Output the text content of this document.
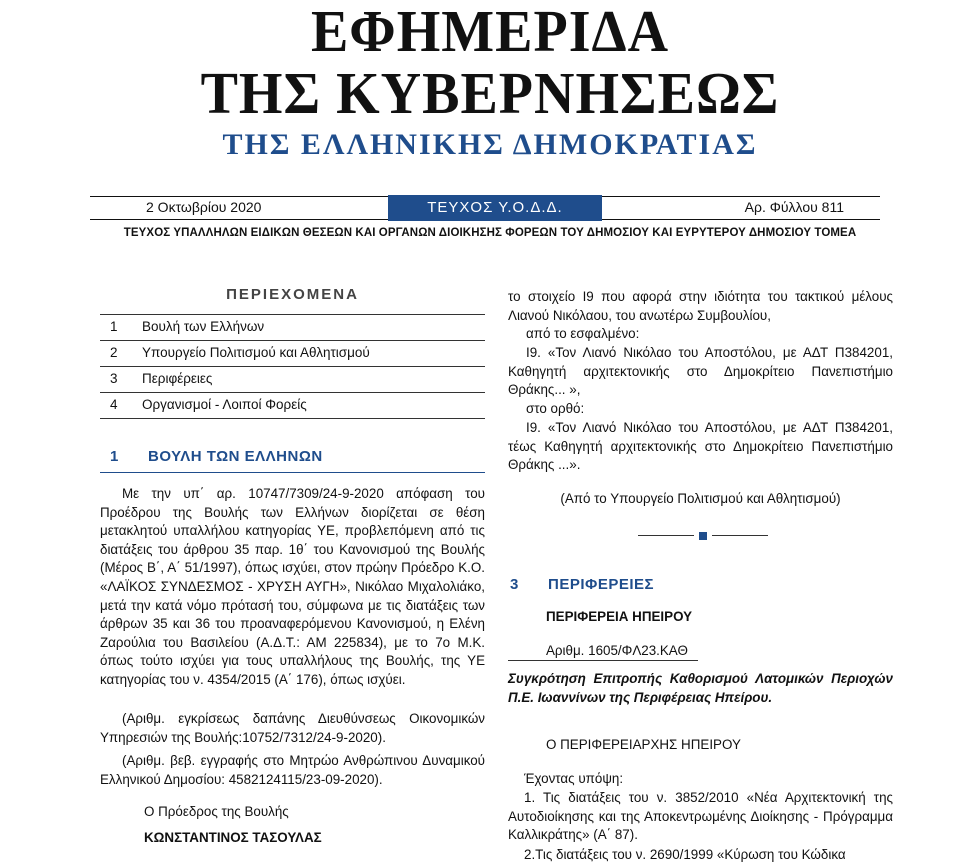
ΕΦΗΜΕΡΙΔΑ
ΤΗΣ ΚΥΒΕΡΝΗΣΕΩΣ
ΤΗΣ ΕΛΛΗΝΙΚΗΣ ΔΗΜΟΚΡΑΤΙΑΣ
2 Οκτωβρίου 2020	ΤΕΥΧΟΣ Υ.Ο.Δ.Δ.	Αρ. Φύλλου 811
ΤΕΥΧΟΣ ΥΠΑΛΛΗΛΩΝ ΕΙΔΙΚΩΝ ΘΕΣΕΩΝ ΚΑΙ ΟΡΓΑΝΩΝ ΔΙΟΙΚΗΣΗΣ ΦΟΡΕΩΝ ΤΟΥ ΔΗΜΟΣΙΟΥ ΚΑΙ ΕΥΡΥΤΕΡΟΥ ΔΗΜΟΣΙΟΥ ΤΟΜΕΑ
ΠΕΡΙΕΧΟΜΕΝΑ
1 Βουλή των Ελλήνων
2 Υπουργείο Πολιτισμού και Αθλητισμού
3 Περιφέρειες
4 Οργανισμοί - Λοιποί Φορείς
1 ΒΟΥΛΗ ΤΩΝ ΕΛΛΗΝΩΝ

Με την υπ΄ αρ. 10747/7309/24-9-2020 απόφαση του Προέδρου της Βουλής των Ελλήνων διορίζεται σε θέση μετακλητού υπαλλήλου κατηγορίας ΥΕ, προβλεπόμενη από τις διατάξεις του άρθρου 35 παρ. 1θ΄ του Κανονισμού της Βουλής (Μέρος Β΄, Α΄ 51/1997), όπως ισχύει, στον πρώην Πρόεδρο Κ.Ο. «ΛΑΪΚΟΣ ΣΥΝΔΕΣΜΟΣ - ΧΡΥΣΗ ΑΥΓΗ», Νικόλαο Μιχαλολιάκο, μετά την κατά νόμο πρότασή του, σύμφωνα με τις διατάξεις των άρθρων 35 και 36 του προαναφερόμενου Κανονισμού, η Ελένη Ζαρούλια του Βασιλείου (Α.Δ.Τ.: ΑΜ 225834), με το 7ο Μ.Κ. όπως τούτο ισχύει για τους υπαλλήλους της Βουλής, της ΥΕ κατηγορίας του ν. 4354/2015 (Α΄ 176), όπως ισχύει.

(Αριθμ. εγκρίσεως δαπάνης Διευθύνσεως Οικονομικών Υπηρεσιών της Βουλής:10752/7312/24-9-2020).

(Αριθμ. βεβ. εγγραφής στο Μητρώο Ανθρώπινου Δυναμικού Ελληνικού Δημοσίου: 4582124115/23-09-2020).

Ο Πρόεδρος της Βουλής
ΚΩΝΣΤΑΝΤΙΝΟΣ ΤΑΣΟΥΛΑΣ

το στοιχείο Ι9 που αφορά στην ιδιότητα του τακτικού μέλους Λιανού Νικόλαου, του ανωτέρω Συμβουλίου,

από το εσφαλμένο:

Ι9. «Τον Λιανό Νικόλαο του Αποστόλου, με ΑΔΤ Π384201, Καθηγητή αρχιτεκτονικής στο Δημοκρίτειο Πανεπιστήμιο Θράκης... »,

στο ορθό:

Ι9. «Τον Λιανό Νικόλαο του Αποστόλου, με ΑΔΤ Π384201, τέως Καθηγητή αρχιτεκτονικής στο Δημοκρίτειο Πανεπιστήμιο Θράκης ...».

(Από το Υπουργείο Πολιτισμού και Αθλητισμού)

3 ΠΕΡΙΦΕΡΕΙΕΣ

ΠΕΡΙΦΕΡΕΙΑ ΗΠΕΙΡΟΥ

Αριθμ. 1605/ΦΛ23.ΚΑΘ

Συγκρότηση Επιτροπής Καθορισμού Λατομικών Περιοχών Π.Ε. Ιωαννίνων της Περιφέρειας Ηπείρου.

Ο ΠΕΡΙΦΕΡΕΙΑΡΧΗΣ ΗΠΕΙΡΟΥ

Έχοντας υπόψη:

1. Τις διατάξεις του ν. 3852/2010 «Νέα Αρχιτεκτονική της Αυτοδιοίκησης και της Αποκεντρωμένης Διοίκησης - Πρόγραμμα Καλλικράτης» (Α΄ 87).

2.Τις διατάξεις του ν. 2690/1999 «Κύρωση του Κώδικα
